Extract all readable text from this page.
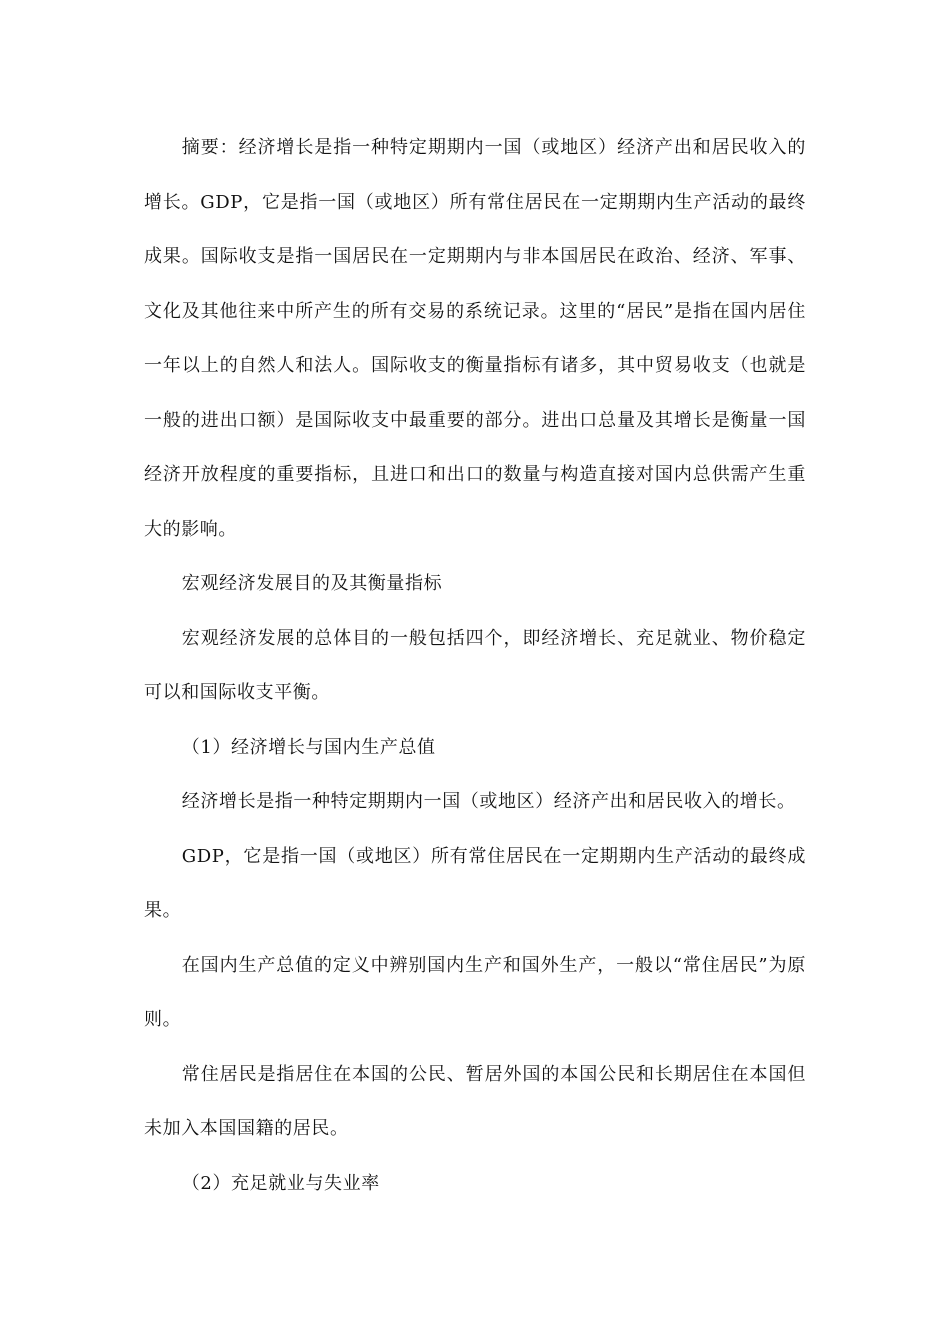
摘要：经济增长是指一种特定期期内一国（或地区）经济产出和居民收入的增长。GDP，它是指一国（或地区）所有常住居民在一定期期内生产活动的最终成果。国际收支是指一国居民在一定期期内与非本国居民在政治、经济、军事、文化及其他往来中所产生的所有交易的系统记录。这里的“居民”是指在国内居住一年以上的自然人和法人。国际收支的衡量指标有诸多，其中贸易收支（也就是一般的进出口额）是国际收支中最重要的部分。进出口总量及其增长是衡量一国经济开放程度的重要指标，且进口和出口的数量与构造直接对国内总供需产生重大的影响。

宏观经济发展目的及其衡量指标

宏观经济发展的总体目的一般包括四个，即经济增长、充足就业、物价稳定可以和国际收支平衡。

（1）经济增长与国内生产总值

经济增长是指一种特定期期内一国（或地区）经济产出和居民收入的增长。

GDP，它是指一国（或地区）所有常住居民在一定期期内生产活动的最终成果。

在国内生产总值的定义中辨别国内生产和国外生产，一般以“常住居民”为原则。

常住居民是指居住在本国的公民、暂居外国的本国公民和长期居住在本国但未加入本国国籍的居民。

（2）充足就业与失业率
